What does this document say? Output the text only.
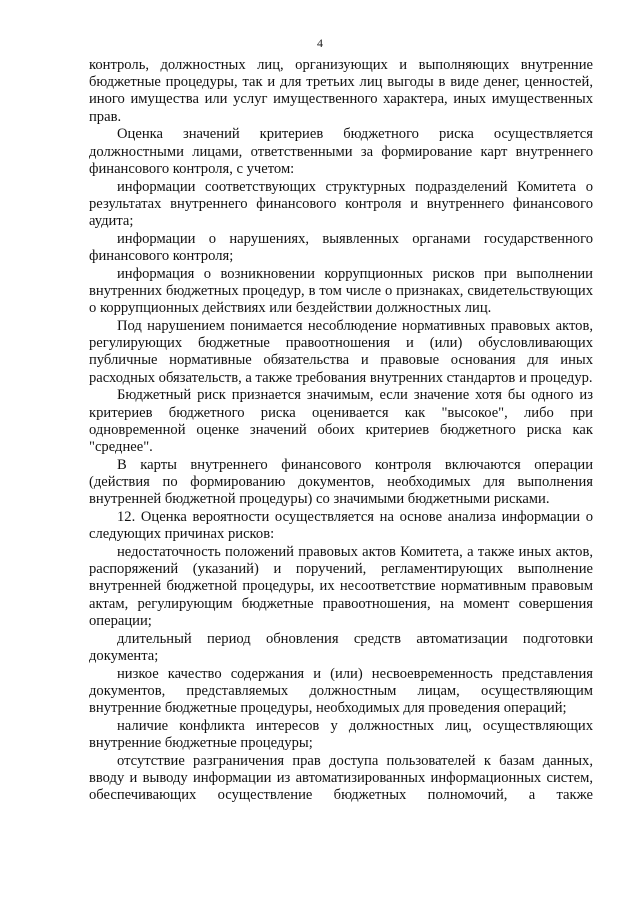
4

контроль, должностных лиц, организующих и выполняющих внутренние бюджетные процедуры, так и для третьих лиц выгоды в виде денег, ценностей, иного имущества или услуг имущественного характера, иных имущественных прав.

Оценка значений критериев бюджетного риска осуществляется должностными лицами, ответственными за формирование карт внутреннего финансового контроля, с учетом:

информации соответствующих структурных подразделений Комитета о результатах внутреннего финансового контроля и внутреннего финансового аудита;

информации о нарушениях, выявленных органами государственного финансового контроля;

информация о возникновении коррупционных рисков при выполнении внутренних бюджетных процедур, в том числе о признаках, свидетельствующих о коррупционных действиях или бездействии должностных лиц.

Под нарушением понимается несоблюдение нормативных правовых актов, регулирующих бюджетные правоотношения и (или) обусловливающих публичные нормативные обязательства и правовые основания для иных расходных обязательств, а также требования внутренних стандартов и процедур.

Бюджетный риск признается значимым, если значение хотя бы одного из критериев бюджетного риска оценивается как "высокое", либо при одновременной оценке значений обоих критериев бюджетного риска как "среднее".

В карты внутреннего финансового контроля включаются операции (действия по формированию документов, необходимых для выполнения внутренней бюджетной процедуры) со значимыми бюджетными рисками.

12. Оценка вероятности осуществляется на основе анализа информации о следующих причинах рисков:

недостаточность положений правовых актов Комитета, а также иных актов, распоряжений (указаний) и поручений, регламентирующих выполнение внутренней бюджетной процедуры, их несоответствие нормативным правовым актам, регулирующим бюджетные правоотношения, на момент совершения операции;

длительный период обновления средств автоматизации подготовки документа;

низкое качество содержания и (или) несвоевременность представления документов, представляемых должностным лицам, осуществляющим внутренние бюджетные процедуры, необходимых для проведения операций;

наличие конфликта интересов у должностных лиц, осуществляющих внутренние бюджетные процедуры;

отсутствие разграничения прав доступа пользователей к базам данных, вводу и выводу информации из автоматизированных информационных систем, обеспечивающих осуществление бюджетных полномочий, а также
